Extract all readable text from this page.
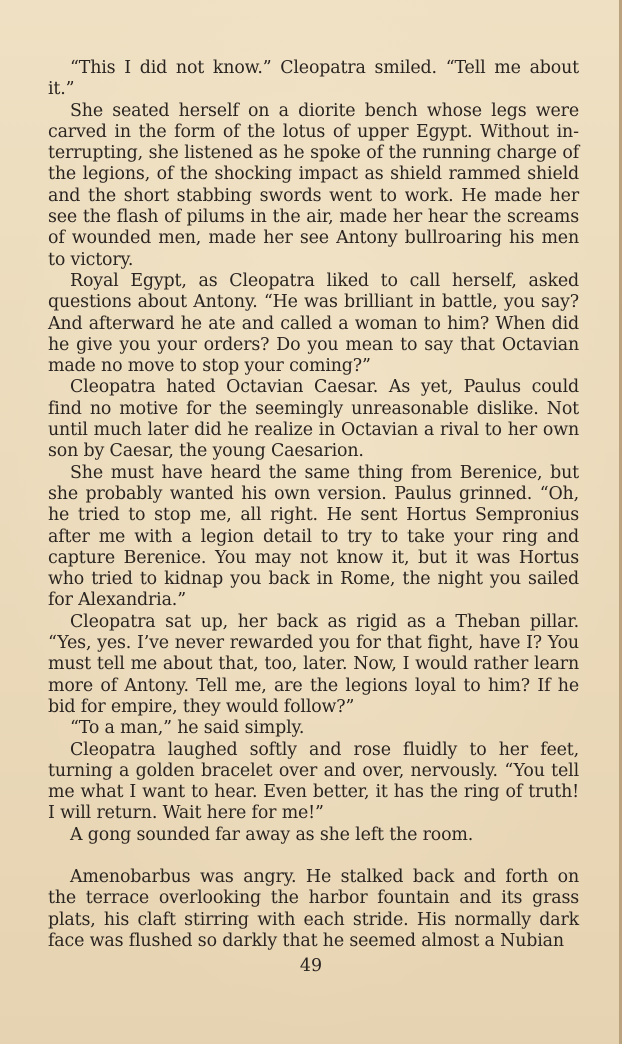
“This I did not know.” Cleopatra smiled. “Tell me about it.”

She seated herself on a diorite bench whose legs were carved in the form of the lotus of upper Egypt. Without interrupting, she listened as he spoke of the running charge of the legions, of the shocking impact as shield rammed shield and the short stabbing swords went to work. He made her see the flash of pilums in the air, made her hear the screams of wounded men, made her see Antony bullroaring his men to victory.

Royal Egypt, as Cleopatra liked to call herself, asked questions about Antony. “He was brilliant in battle, you say? And afterward he ate and called a woman to him? When did he give you your orders? Do you mean to say that Octavian made no move to stop your coming?”

Cleopatra hated Octavian Caesar. As yet, Paulus could find no motive for the seemingly unreasonable dislike. Not until much later did he realize in Octavian a rival to her own son by Caesar, the young Caesarion.

She must have heard the same thing from Berenice, but she probably wanted his own version. Paulus grinned. “Oh, he tried to stop me, all right. He sent Hortus Sempronius after me with a legion detail to try to take your ring and capture Berenice. You may not know it, but it was Hortus who tried to kidnap you back in Rome, the night you sailed for Alexandria.”

Cleopatra sat up, her back as rigid as a Theban pillar. “Yes, yes. I’ve never rewarded you for that fight, have I? You must tell me about that, too, later. Now, I would rather learn more of Antony. Tell me, are the legions loyal to him? If he bid for empire, they would follow?”

“To a man,” he said simply.

Cleopatra laughed softly and rose fluidly to her feet, turning a golden bracelet over and over, nervously. “You tell me what I want to hear. Even better, it has the ring of truth! I will return. Wait here for me!”

A gong sounded far away as she left the room.

Amenobarbus was angry. He stalked back and forth on the terrace overlooking the harbor fountain and its grass plats, his claft stirring with each stride. His normally dark face was flushed so darkly that he seemed almost a Nubian

49
